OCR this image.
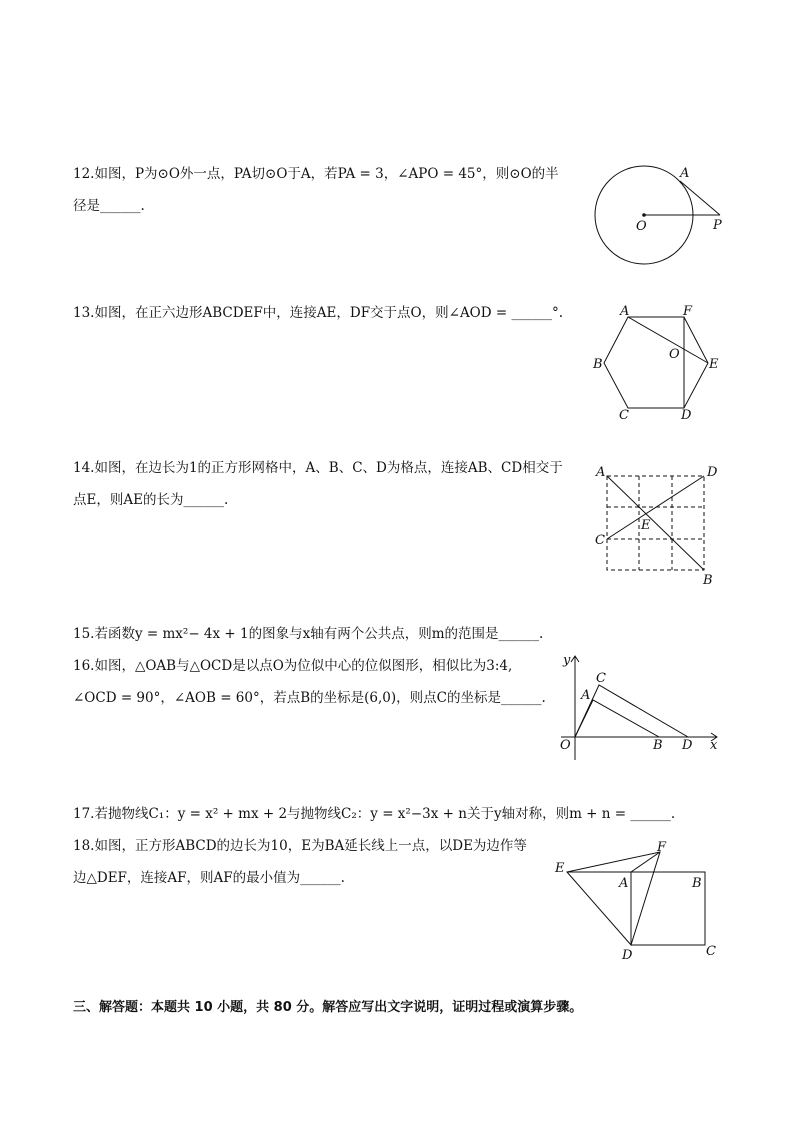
12.如图，P为⊙O外一点，PA切⊙O于A，若PA = 3，∠APO = 45°，则⊙O的半

径是______.

A
O	P

13.如图，在正六边形ABCDEF中，连接AE，DF交于点O，则∠AOD = ______°.	A	F
B
O
E
C	D

14.如图，在边长为1的正方形网格中，A、B、C、D为格点，连接AB、CD相交于

点E，则AE的长为______.

A	D
E
C
B

15.若函数y = mx²− 4x + 1的图象与x轴有两个公共点，则m的范围是______.

16.如图，△OAB与△OCD是以点O为位似中心的位似图形，相似比为3:4,

∠OCD = 90°，∠AOB = 60°，若点B的坐标是(6,0)，则点C的坐标是______.

y
C
A
O	B D x

17.若抛物线C₁：y = x² + mx + 2与抛物线C₂：y = x²−3x + n关于y轴对称，则m + n = ______.

18.如图，正方形ABCD的边长为10，E为BA延长线上一点，以DE为边作等

边△DEF，连接AF，则AF的最小值为______.

E
F
A	B
D	C
三、解答题：本题共 10 小题，共 80 分。解答应写出文字说明，证明过程或演算步骤。
